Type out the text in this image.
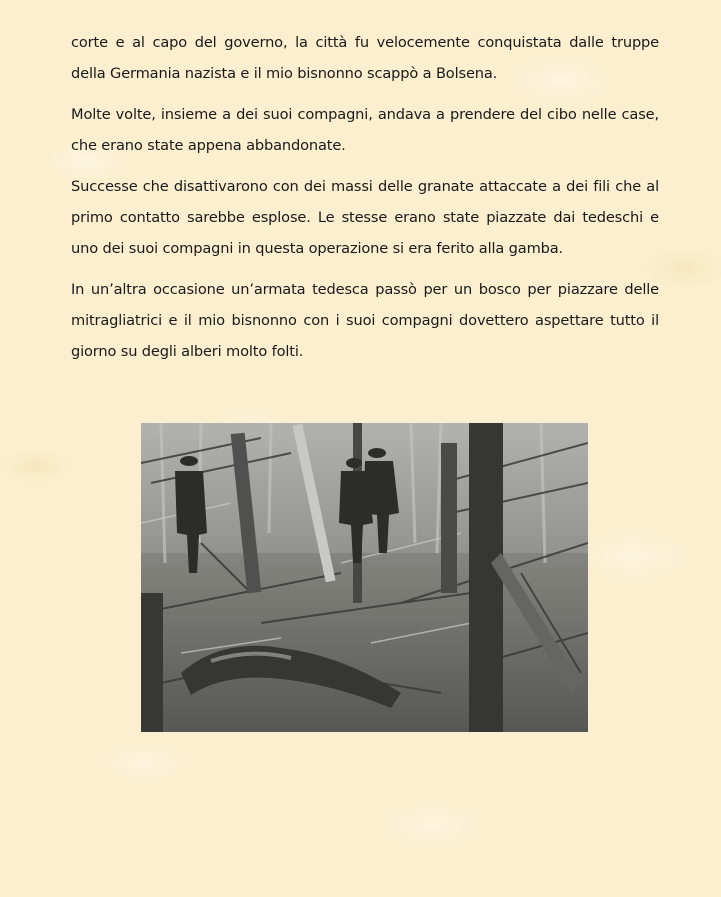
corte e al capo del governo, la città fu velocemente conquistata dalle truppe della Germania nazista e il mio bisnonno scappò a Bolsena.

Molte volte, insieme a dei suoi compagni, andava a prendere del cibo nelle case, che erano state appena abbandonate.

Successe che disattivarono con dei massi delle granate attaccate a dei fili che al primo contatto sarebbe esplose. Le stesse erano state piazzate dai tedeschi e uno dei suoi compagni in questa operazione si era ferito alla gamba.

In un’altra occasione un’armata tedesca passò per un bosco per piazzare delle mitragliatrici e il mio bisnonno con i suoi compagni dovettero aspettare tutto il giorno su degli alberi molto folti.
